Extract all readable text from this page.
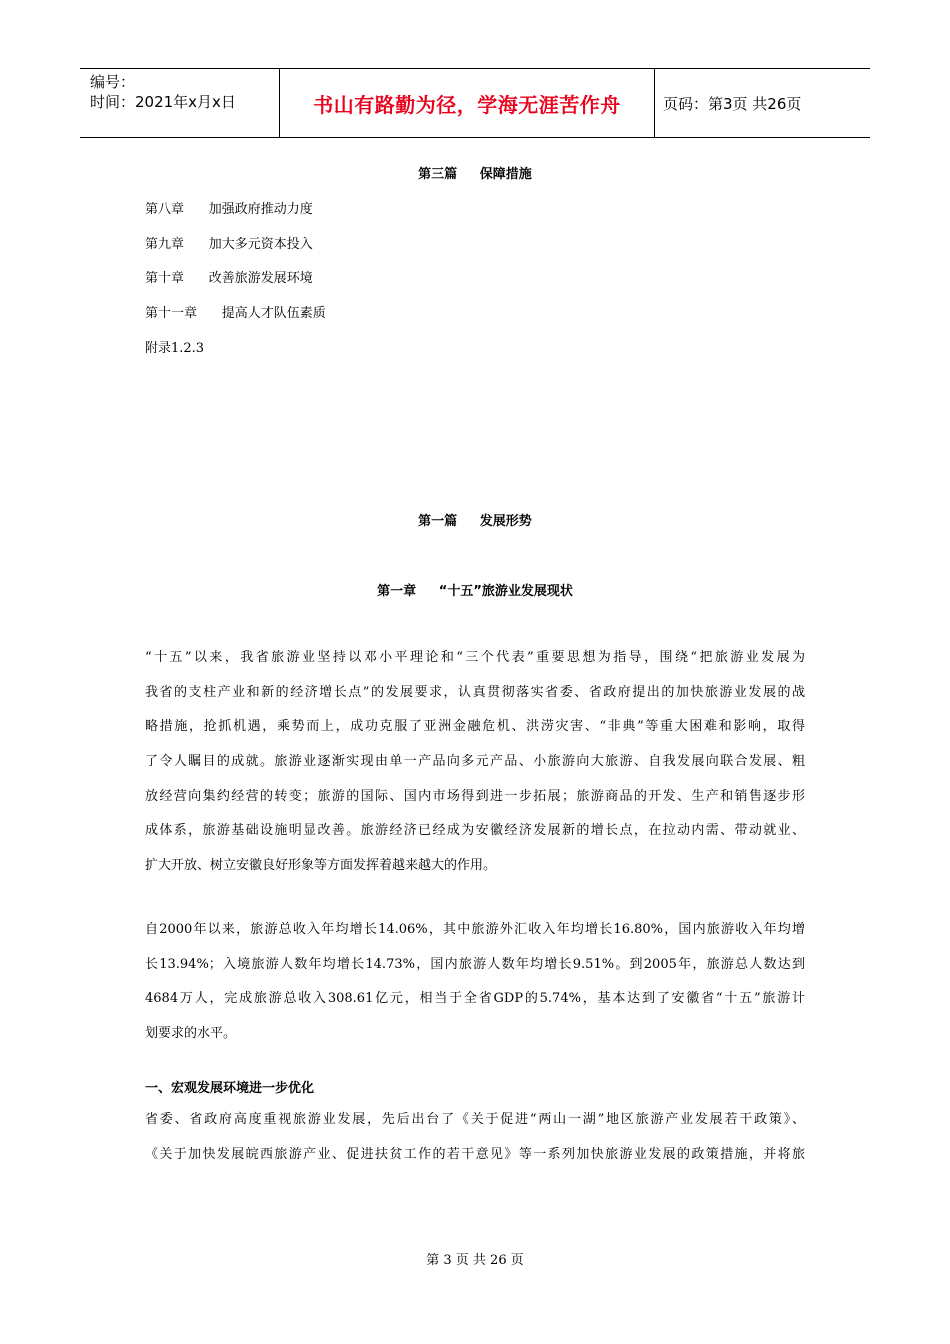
编号：
时间：2021年x月x日	书山有路勤为径，学海无涯苦作舟	页码：第3页 共26页
第三篇     保障措施
第八章      加强政府推动力度
第九章      加大多元资本投入
第十章      改善旅游发展环境
第十一章      提高人才队伍素质
附录1.2.3
第一篇     发展形势
第一章     “十五”旅游业发展现状
“十五”以来，我省旅游业坚持以邓小平理论和“三个代表”重要思想为指导，围绕“把旅游业发展为
我省的支柱产业和新的经济增长点”的发展要求，认真贯彻落实省委、省政府提出的加快旅游业发展的战
略措施，抢抓机遇，乘势而上，成功克服了亚洲金融危机、洪涝灾害、“非典”等重大困难和影响，取得
了令人瞩目的成就。旅游业逐渐实现由单一产品向多元产品、小旅游向大旅游、自我发展向联合发展、粗
放经营向集约经营的转变；旅游的国际、国内市场得到进一步拓展；旅游商品的开发、生产和销售逐步形
成体系，旅游基础设施明显改善。旅游经济已经成为安徽经济发展新的增长点，在拉动内需、带动就业、
扩大开放、树立安徽良好形象等方面发挥着越来越大的作用。
自2000年以来，旅游总收入年均增长14.06%，其中旅游外汇收入年均增长16.80%，国内旅游收入年均增
长13.94%；入境旅游人数年均增长14.73%，国内旅游人数年均增长9.51%。到2005年，旅游总人数达到
4684万人，完成旅游总收入308.61亿元，相当于全省GDP的5.74%，基本达到了安徽省“十五”旅游计
划要求的水平。
一、宏观发展环境进一步优化
省委、省政府高度重视旅游业发展，先后出台了《关于促进“两山一湖”地区旅游产业发展若干政策》、
《关于加快发展皖西旅游产业、促进扶贫工作的若干意见》等一系列加快旅游业发展的政策措施，并将旅
第 3 页 共 26 页
